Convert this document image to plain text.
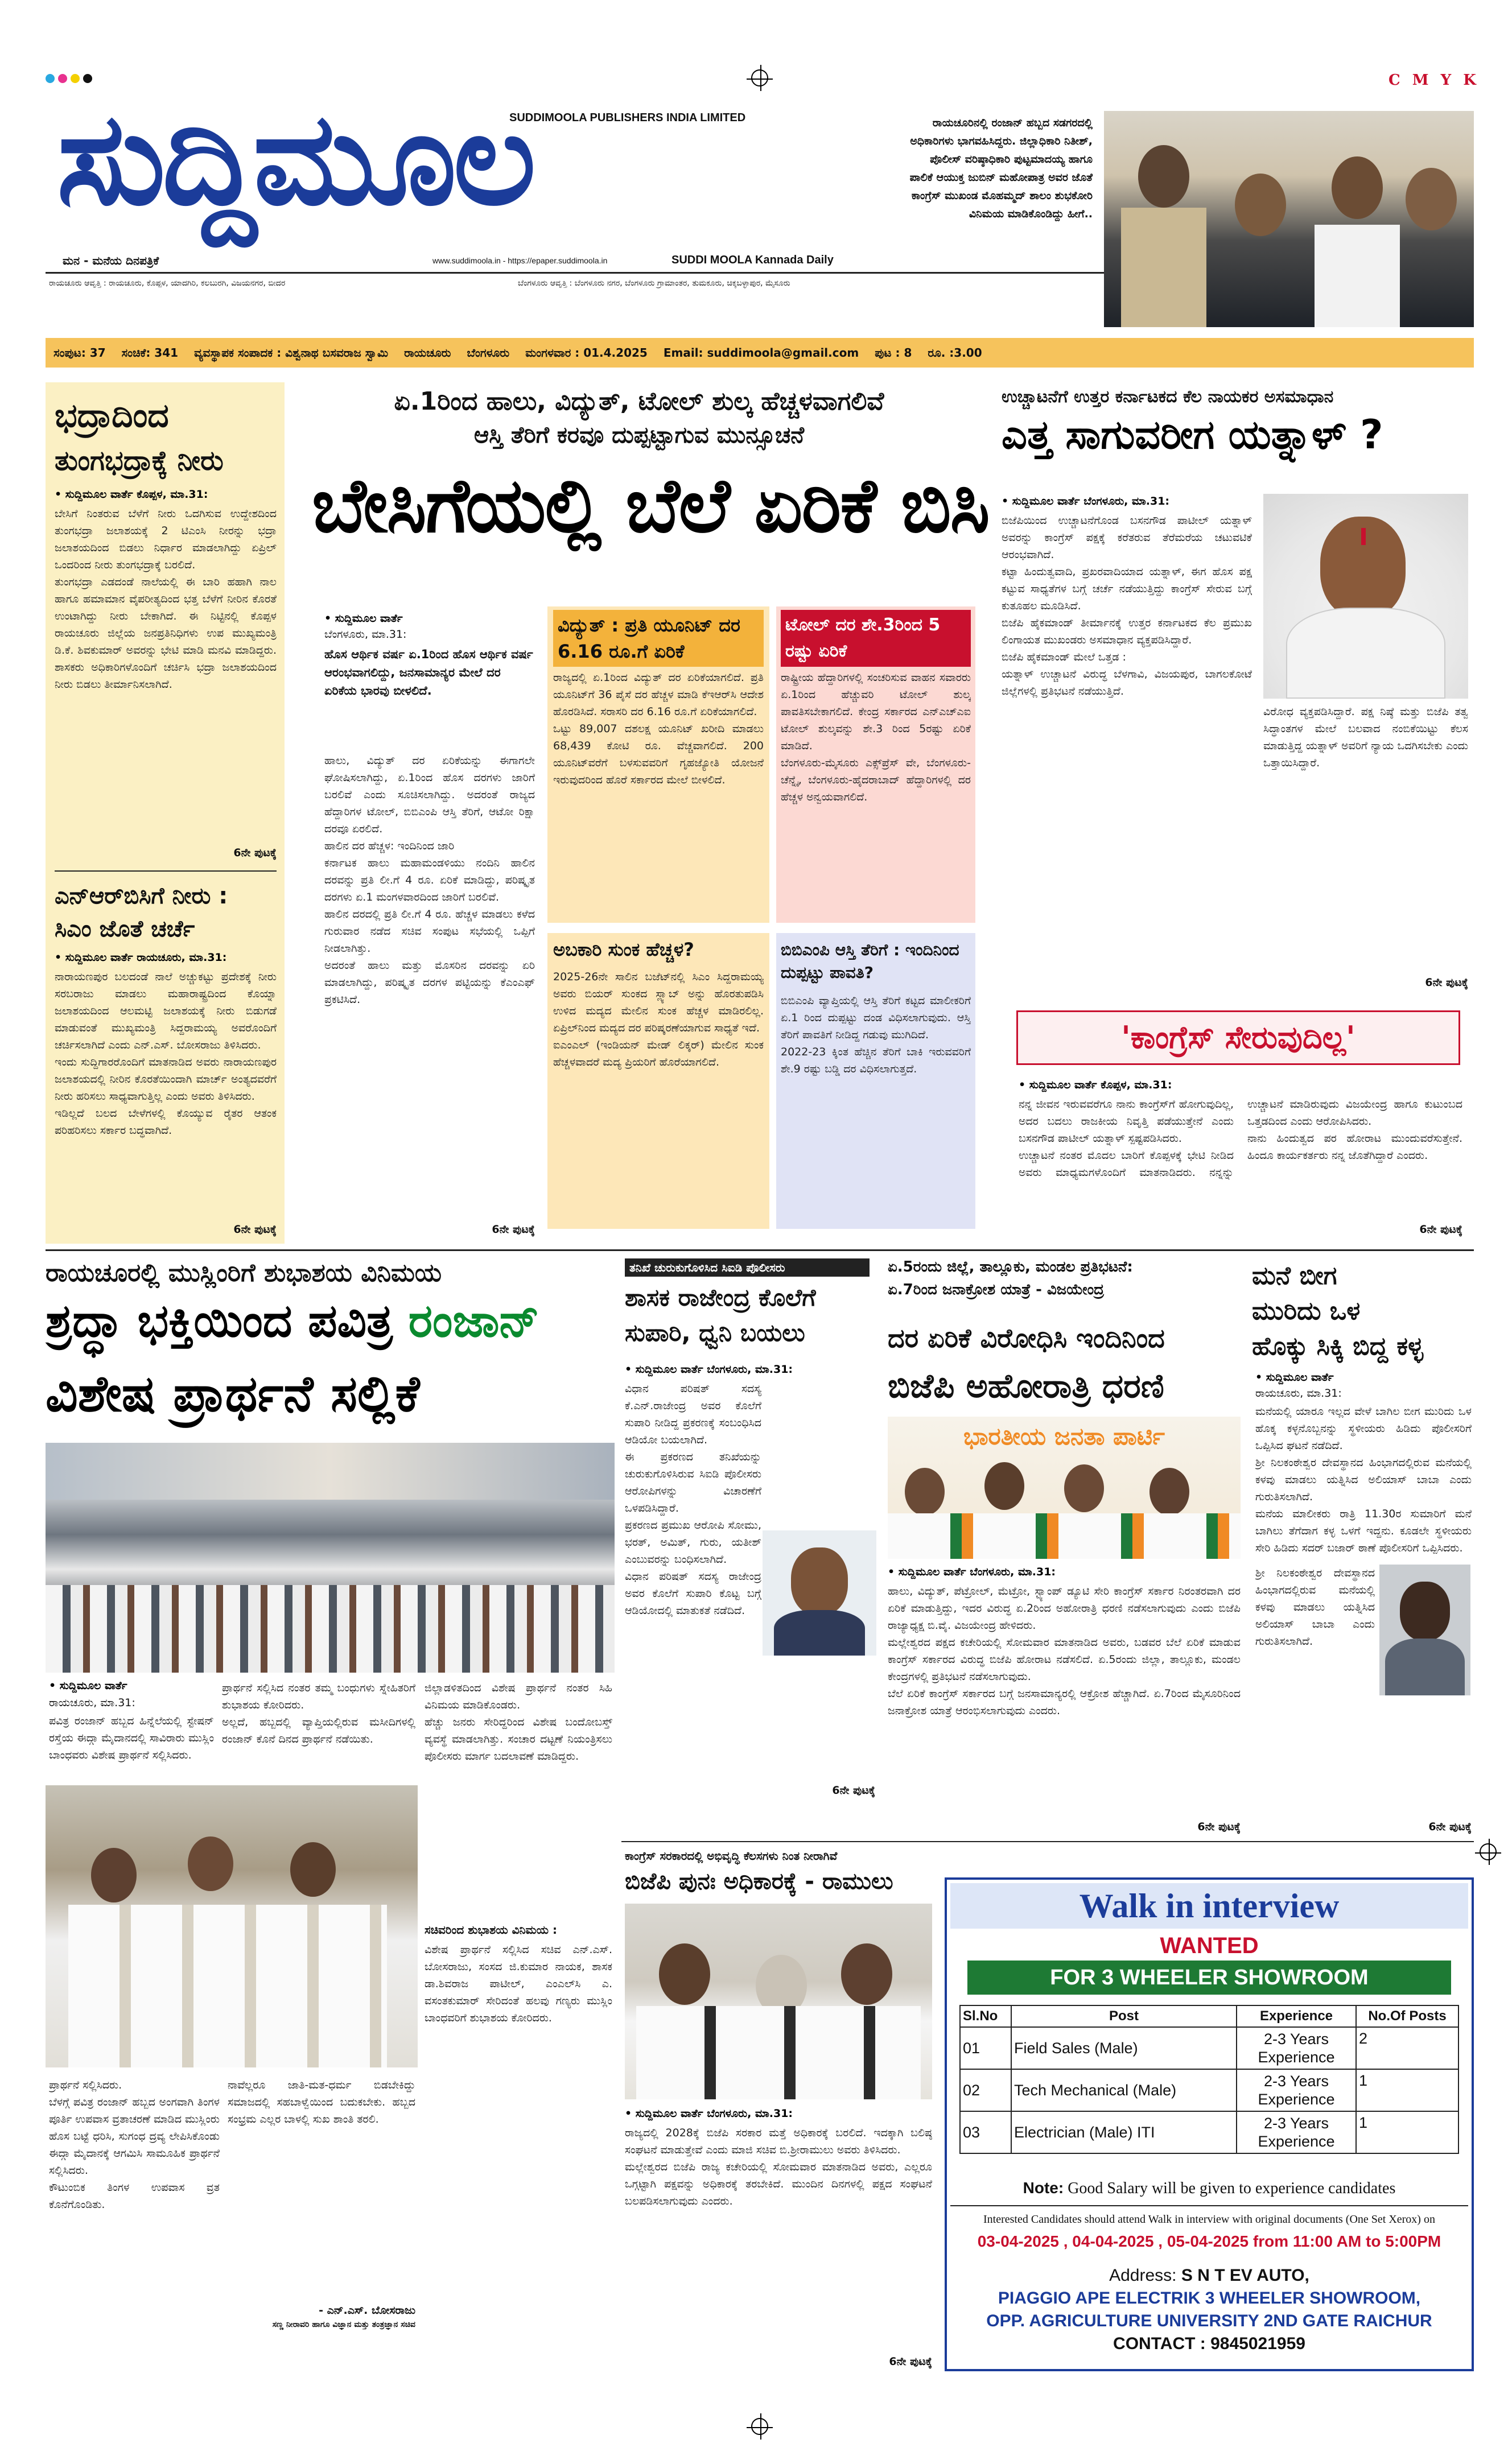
C M Y K
ಸುದ್ದಿಮೂಲ
SUDDIMOOLA PUBLISHERS INDIA LIMITED
ಮನ - ಮನೆಯ ದಿನಪತ್ರಿಕೆ	www.suddimoola.in - https://epaper.suddimoola.in	SUDDI MOOLA Kannada Daily
ರಾಯಚೂರು ಆವೃತ್ತಿ : ರಾಯಚೂರು, ಕೊಪ್ಪಳ, ಯಾದಗಿರಿ, ಕಲಬುರಗಿ, ವಿಜಯನಗರ, ಬೀದರ	ಬೆಂಗಳೂರು ಆವೃತ್ತಿ : ಬೆಂಗಳೂರು ನಗರ, ಬೆಂಗಳೂರು ಗ್ರಾಮಾಂತರ, ತುಮಕೂರು, ಚಿಕ್ಕಬಳ್ಳಾಪುರ, ಮೈಸೂರು
ರಾಯಚೂರಿನಲ್ಲಿ ರಂಜಾನ್ ಹಬ್ಬದ ಸಡಗರದಲ್ಲಿ ಅಧಿಕಾರಿಗಳು ಭಾಗವಹಿಸಿದ್ದರು. ಜಿಲ್ಲಾಧಿಕಾರಿ ನಿತೀಶ್, ಪೊಲೀಸ್ ವರಿಷ್ಠಾಧಿಕಾರಿ ಪುಟ್ಟಮಾದಯ್ಯ ಹಾಗೂ ಪಾಲಿಕೆ ಆಯುಕ್ತ ಜುಬಿನ್ ಮಹೋಪಾತ್ರ ಅವರ ಜೊತೆ ಕಾಂಗ್ರೆಸ್ ಮುಖಂಡ ಮೊಹಮ್ಮದ್ ಶಾಲಂ ಶುಭಕೋರಿ ವಿನಿಮಯ ಮಾಡಿಕೊಂಡಿದ್ದು ಹೀಗೆ..
ಸಂಪುಟ: 37 ಸಂಚಿಕೆ: 341 ವ್ಯವಸ್ಥಾಪಕ ಸಂಪಾದಕ : ವಿಶ್ವನಾಥ ಬಸವರಾಜ ಸ್ವಾಮಿ ರಾಯಚೂರು ಬೆಂಗಳೂರು ಮಂಗಳವಾರ : 01.4.2025 Email: suddimoola@gmail.com ಪುಟ : 8 ರೂ. :3.00
ಭದ್ರಾದಿಂದ
ತುಂಗಭದ್ರಾಕ್ಕೆ ನೀರು
• ಸುದ್ದಿಮೂಲ ವಾರ್ತೆ ಕೊಪ್ಪಳ, ಮಾ.31:
ಬೇಸಿಗೆ ನಿಂತರುವ ಬೆಳೆಗೆ ನೀರು ಒದಗಿಸುವ ಉದ್ದೇಶದಿಂದ ತುಂಗಭದ್ರಾ ಜಲಾಶಯಕ್ಕೆ 2 ಟಿಎಂಸಿ ನೀರನ್ನು ಭದ್ರಾ ಜಲಾಶಯದಿಂದ ಬಿಡಲು ನಿರ್ಧಾರ ಮಾಡಲಾಗಿದ್ದು ಏಪ್ರಿಲ್ ಒಂದರಿಂದ ನೀರು ತುಂಗಭದ್ರಾಕ್ಕೆ ಬರಲಿದೆ.
ತುಂಗಭದ್ರಾ ಎಡದಂಡೆ ನಾಲೆಯಲ್ಲಿ ಈ ಬಾರಿ ಹಹಾಗಿ ನಾಲ ಹಾಗೂ ಹಮಾಮಾನ ವೈಪರೀತ್ಯದಿಂದ ಭತ್ತ ಬೆಳೆಗೆ ನೀರಿನ ಕೊರತೆ ಉಂಟಾಗಿದ್ದು ನೀರು ಬೇಕಾಗಿದೆ. ಈ ನಿಟ್ಟಿನಲ್ಲಿ ಕೊಪ್ಪಳ ರಾಯಚೂರು ಜಿಲ್ಲೆಯ ಜನಪ್ರತಿನಿಧಿಗಳು ಉಪ ಮುಖ್ಯಮಂತ್ರಿ ಡಿ.ಕೆ. ಶಿವಕುಮಾರ್ ಅವರನ್ನು ಭೇಟಿ ಮಾಡಿ ಮನವಿ ಮಾಡಿದ್ದರು. ಶಾಸಕರು ಅಧಿಕಾರಿಗಳೊಂದಿಗೆ ಚರ್ಚಿಸಿ ಭದ್ರಾ ಜಲಾಶಯದಿಂದ ನೀರು ಬಿಡಲು ತೀರ್ಮಾನಿಸಲಾಗಿದೆ.
6ನೇ ಪುಟಕ್ಕೆ
ಎನ್‌ಆರ್‌ಬಿಸಿಗೆ ನೀರು :
ಸಿಎಂ ಜೊತೆ ಚರ್ಚೆ
• ಸುದ್ದಿಮೂಲ ವಾರ್ತೆ ರಾಯಚೂರು, ಮಾ.31:
ನಾರಾಯಣಪುರ ಬಲದಂಡೆ ನಾಲೆ ಅಚ್ಚುಕಟ್ಟು ಪ್ರದೇಶಕ್ಕೆ ನೀರು ಸರಬರಾಜು ಮಾಡಲು ಮಹಾರಾಷ್ಟ್ರದಿಂದ ಕೊಯ್ನಾ ಜಲಾಶಯದಿಂದ ಆಲಮಟ್ಟಿ ಜಲಾಶಯಕ್ಕೆ ನೀರು ಬಿಡುಗಡೆ ಮಾಡುವಂತೆ ಮುಖ್ಯಮಂತ್ರಿ ಸಿದ್ದರಾಮಯ್ಯ ಅವರೊಂದಿಗೆ ಚರ್ಚಿಸಲಾಗಿದೆ ಎಂದು ಎನ್.ಎಸ್. ಬೋಸರಾಜು ತಿಳಿಸಿದರು.
ಇಂದು ಸುದ್ದಿಗಾರರೊಂದಿಗೆ ಮಾತನಾಡಿದ ಅವರು ನಾರಾಯಣಪುರ ಜಲಾಶಯದಲ್ಲಿ ನೀರಿನ ಕೊರತೆಯಿಂದಾಗಿ ಮಾರ್ಚ್ ಅಂತ್ಯದವರೆಗೆ ನೀರು ಹರಿಸಲು ಸಾಧ್ಯವಾಗುತ್ತಿಲ್ಲ ಎಂದು ಅವರು ತಿಳಿಸಿದರು.
ಇಡಿಲ್ಲದೆ ಬಲದ ಬೇಳೆಗಳಲ್ಲಿ ಕೊಯ್ಯುವ ರೈತರ ಆತಂಕ ಪರಿಹರಿಸಲು ಸರ್ಕಾರ ಬದ್ಧವಾಗಿದೆ.
6ನೇ ಪುಟಕ್ಕೆ
ಏ.1ರಿಂದ ಹಾಲು, ವಿದ್ಯುತ್, ಟೋಲ್ ಶುಲ್ಕ ಹೆಚ್ಚಳವಾಗಲಿವೆ
ಆಸ್ತಿ ತೆರಿಗೆ ಕರವೂ ದುಪ್ಪಟ್ಟಾಗುವ ಮುನ್ಸೂಚನೆ
ಬೇಸಿಗೆಯಲ್ಲಿ ಬೆಲೆ ಏರಿಕೆ ಬಿಸಿ
• ಸುದ್ದಿಮೂಲ ವಾರ್ತೆ
ಬೆಂಗಳೂರು, ಮಾ.31:
ಹೊಸ ಆರ್ಥಿಕ ವರ್ಷ ಏ.1ರಿಂದ ಹೊಸ ಆರ್ಥಿಕ ವರ್ಷ ಆರಂಭವಾಗಲಿದ್ದು, ಜನಸಾಮಾನ್ಯರ ಮೇಲೆ ದರ ಏರಿಕೆಯ ಭಾರವು ಬೀಳಲಿದೆ.
ಹಾಲು, ವಿದ್ಯುತ್ ದರ ಏರಿಕೆಯನ್ನು ಈಗಾಗಲೇ ಘೋಷಿಸಲಾಗಿದ್ದು, ಏ.1ರಿಂದ ಹೊಸ ದರಗಳು ಜಾರಿಗೆ ಬರಲಿವೆ ಎಂದು ಸೂಚಿಸಲಾಗಿದ್ದು. ಅದರಂತೆ ರಾಜ್ಯದ ಹೆದ್ದಾರಿಗಳ ಟೋಲ್, ಬಿಬಿಎಂಪಿ ಆಸ್ತಿ ತೆರಿಗೆ, ಆಟೋ ರಿಕ್ಷಾ ದರವೂ ಏರಲಿದೆ.
ಹಾಲಿನ ದರ ಹೆಚ್ಚಳ: ಇಂದಿನಿಂದ ಜಾರಿ
ಕರ್ನಾಟಕ ಹಾಲು ಮಹಾಮಂಡಳಿಯು ನಂದಿನಿ ಹಾಲಿನ ದರವನ್ನು ಪ್ರತಿ ಲೀ.ಗೆ 4 ರೂ. ಏರಿಕೆ ಮಾಡಿದ್ದು, ಪರಿಷ್ಕೃತ ದರಗಳು ಏ.1 ಮಂಗಳವಾರದಿಂದ ಜಾರಿಗೆ ಬರಲಿವೆ.
ಹಾಲಿನ ದರದಲ್ಲಿ ಪ್ರತಿ ಲೀ.ಗೆ 4 ರೂ. ಹೆಚ್ಚಳ ಮಾಡಲು ಕಳೆದ ಗುರುವಾರ ನಡೆದ ಸಚಿವ ಸಂಪುಟ ಸಭೆಯಲ್ಲಿ ಒಪ್ಪಿಗೆ ನೀಡಲಾಗಿತ್ತು.
ಅದರಂತೆ ಹಾಲು ಮತ್ತು ಮೊಸರಿನ ದರವನ್ನು ಏರಿ ಮಾಡಲಾಗಿದ್ದು, ಪರಿಷ್ಕೃತ ದರಗಳ ಪಟ್ಟಿಯನ್ನು ಕೆಎಂಎಫ್ ಪ್ರಕಟಿಸಿದೆ.
6ನೇ ಪುಟಕ್ಕೆ
ವಿದ್ಯುತ್ : ಪ್ರತಿ ಯೂನಿಟ್ ದರ 6.16 ರೂ.ಗೆ ಏರಿಕೆ
ರಾಜ್ಯದಲ್ಲಿ ಏ.1ರಿಂದ ವಿದ್ಯುತ್ ದರ ಏರಿಕೆಯಾಗಲಿದೆ. ಪ್ರತಿ ಯೂನಿಟ್‌ಗೆ 36 ಪೈಸೆ ದರ ಹೆಚ್ಚಳ ಮಾಡಿ ಕೆಇಆರ್‌ಸಿ ಆದೇಶ ಹೊರಡಿಸಿದೆ. ಸರಾಸರಿ ದರ 6.16 ರೂ.ಗೆ ಏರಿಕೆಯಾಗಲಿದೆ.
ಒಟ್ಟು 89,007 ದಶಲಕ್ಷ ಯೂನಿಟ್ ಖರೀದಿ ಮಾಡಲು 68,439 ಕೋಟಿ ರೂ. ವೆಚ್ಚವಾಗಲಿದೆ. 200 ಯೂನಿಟ್‌ವರೆಗೆ ಬಳಸುವವರಿಗೆ ಗೃಹಜ್ಯೋತಿ ಯೋಜನೆ ಇರುವುದರಿಂದ ಹೊರೆ ಸರ್ಕಾರದ ಮೇಲೆ ಬೀಳಲಿದೆ.
ಟೋಲ್ ದರ ಶೇ.3ರಿಂದ 5 ರಷ್ಟು ಏರಿಕೆ
ರಾಷ್ಟ್ರೀಯ ಹೆದ್ದಾರಿಗಳಲ್ಲಿ ಸಂಚರಿಸುವ ವಾಹನ ಸವಾರರು ಏ.1ರಿಂದ ಹೆಚ್ಚುವರಿ ಟೋಲ್ ಶುಲ್ಕ ಪಾವತಿಸಬೇಕಾಗಲಿದೆ. ಕೇಂದ್ರ ಸರ್ಕಾರದ ಎನ್‌ಎಚ್‌ಎಐ ಟೋಲ್ ಶುಲ್ಕವನ್ನು ಶೇ.3 ರಿಂದ 5ರಷ್ಟು ಏರಿಕೆ ಮಾಡಿದೆ.
ಬೆಂಗಳೂರು-ಮೈಸೂರು ಎಕ್ಸ್‌ಪ್ರೆಸ್ ವೇ, ಬೆಂಗಳೂರು-ಚೆನ್ನೈ, ಬೆಂಗಳೂರು-ಹೈದರಾಬಾದ್ ಹೆದ್ದಾರಿಗಳಲ್ಲಿ ದರ ಹೆಚ್ಚಳ ಅನ್ವಯವಾಗಲಿದೆ.
ಅಬಕಾರಿ ಸುಂಕ ಹೆಚ್ಚಳ?
2025-26ನೇ ಸಾಲಿನ ಬಜೆಟ್‌ನಲ್ಲಿ ಸಿಎಂ ಸಿದ್ದರಾಮಯ್ಯ ಅವರು ಬಿಯರ್ ಸುಂಕದ ಸ್ಲ್ಯಾಬ್ ಅನ್ನು ಹೊರತುಪಡಿಸಿ ಉಳಿದ ಮದ್ಯದ ಮೇಲಿನ ಸುಂಕ ಹೆಚ್ಚಳ ಮಾಡಿರಲಿಲ್ಲ. ಏಪ್ರಿಲ್‌ನಿಂದ ಮದ್ಯದ ದರ ಪರಿಷ್ಕರಣೆಯಾಗುವ ಸಾಧ್ಯತೆ ಇದೆ.
ಐಎಂಎಲ್ (ಇಂಡಿಯನ್ ಮೇಡ್ ಲಿಕ್ಕರ್) ಮೇಲಿನ ಸುಂಕ ಹೆಚ್ಚಳವಾದರೆ ಮದ್ಯ ಪ್ರಿಯರಿಗೆ ಹೊರೆಯಾಗಲಿದೆ.
ಬಿಬಿಎಂಪಿ ಆಸ್ತಿ ತೆರಿಗೆ : ಇಂದಿನಿಂದ ದುಪ್ಪಟ್ಟು ಪಾವತಿ?
ಬಿಬಿಎಂಪಿ ವ್ಯಾಪ್ತಿಯಲ್ಲಿ ಆಸ್ತಿ ತೆರಿಗೆ ಕಟ್ಟದ ಮಾಲೀಕರಿಗೆ ಏ.1 ರಿಂದ ದುಪ್ಪಟ್ಟು ದಂಡ ವಿಧಿಸಲಾಗುವುದು. ಆಸ್ತಿ ತೆರಿಗೆ ಪಾವತಿಗೆ ನೀಡಿದ್ದ ಗಡುವು ಮುಗಿದಿದೆ.
2022-23 ಕ್ಕಿಂತ ಹೆಚ್ಚಿನ ತೆರಿಗೆ ಬಾಕಿ ಇರುವವರಿಗೆ ಶೇ.9 ರಷ್ಟು ಬಡ್ಡಿ ದರ ವಿಧಿಸಲಾಗುತ್ತದೆ.
ಉಚ್ಚಾಟನೆಗೆ ಉತ್ತರ ಕರ್ನಾಟಕದ ಕೆಲ ನಾಯಕರ ಅಸಮಾಧಾನ
ಎತ್ತ ಸಾಗುವರೀಗ ಯತ್ನಾಳ್ ?
• ಸುದ್ದಿಮೂಲ ವಾರ್ತೆ ಬೆಂಗಳೂರು, ಮಾ.31:
ಬಿಜೆಪಿಯಿಂದ ಉಚ್ಚಾಟನೆಗೊಂಡ ಬಸನಗೌಡ ಪಾಟೀಲ್ ಯತ್ನಾಳ್ ಅವರನ್ನು ಕಾಂಗ್ರೆಸ್ ಪಕ್ಷಕ್ಕೆ ಕರೆತರುವ ತೆರೆಮರೆಯ ಚಟುವಟಿಕೆ ಆರಂಭವಾಗಿದೆ.
ಕಟ್ಟಾ ಹಿಂದುತ್ವವಾದಿ, ಪ್ರಖರವಾದಿಯಾದ ಯತ್ನಾಳ್, ಈಗ ಹೊಸ ಪಕ್ಷ ಕಟ್ಟುವ ಸಾಧ್ಯತೆಗಳ ಬಗ್ಗೆ ಚರ್ಚೆ ನಡೆಯುತ್ತಿದ್ದು ಕಾಂಗ್ರೆಸ್ ಸೇರುವ ಬಗ್ಗೆ ಕುತೂಹಲ ಮೂಡಿಸಿದೆ.
ಬಿಜೆಪಿ ಹೈಕಮಾಂಡ್ ತೀರ್ಮಾನಕ್ಕೆ ಉತ್ತರ ಕರ್ನಾಟಕದ ಕೆಲ ಪ್ರಮುಖ ಲಿಂಗಾಯತ ಮುಖಂಡರು ಅಸಮಾಧಾನ ವ್ಯಕ್ತಪಡಿಸಿದ್ದಾರೆ.
ಬಿಜೆಪಿ ಹೈಕಮಾಂಡ್ ಮೇಲೆ ಒತ್ತಡ :
ಯತ್ನಾಳ್ ಉಚ್ಚಾಟನೆ ವಿರುದ್ಧ ಬೆಳಗಾವಿ, ವಿಜಯಪುರ, ಬಾಗಲಕೋಟೆ ಜಿಲ್ಲೆಗಳಲ್ಲಿ ಪ್ರತಿಭಟನೆ ನಡೆಯುತ್ತಿದೆ.
ವಿರೋಧ ವ್ಯಕ್ತಪಡಿಸಿದ್ದಾರೆ. ಪಕ್ಷ ನಿಷ್ಠೆ ಮತ್ತು ಬಿಜೆಪಿ ತತ್ವ ಸಿದ್ಧಾಂತಗಳ ಮೇಲೆ ಬಲವಾದ ನಂಬಿಕೆಯಿಟ್ಟು ಕೆಲಸ ಮಾಡುತ್ತಿದ್ದ ಯತ್ನಾಳ್ ಅವರಿಗೆ ನ್ಯಾಯ ಒದಗಿಸಬೇಕು ಎಂದು ಒತ್ತಾಯಿಸಿದ್ದಾರೆ.
6ನೇ ಪುಟಕ್ಕೆ
'ಕಾಂಗ್ರೆಸ್ ಸೇರುವುದಿಲ್ಲ'
• ಸುದ್ದಿಮೂಲ ವಾರ್ತೆ ಕೊಪ್ಪಳ, ಮಾ.31:
ನನ್ನ ಜೀವನ ಇರುವವರೆಗೂ ನಾನು ಕಾಂಗ್ರೆಸ್‌ಗೆ ಹೋಗುವುದಿಲ್ಲ, ಅದರ ಬದಲು ರಾಜಕೀಯ ನಿವೃತ್ತಿ ಪಡೆಯುತ್ತೇನೆ ಎಂದು ಬಸನಗೌಡ ಪಾಟೀಲ್ ಯತ್ನಾಳ್ ಸ್ಪಷ್ಟಪಡಿಸಿದರು.
ಉಚ್ಚಾಟನೆ ನಂತರ ಮೊದಲ ಬಾರಿಗೆ ಕೊಪ್ಪಳಕ್ಕೆ ಭೇಟಿ ನೀಡಿದ ಅವರು ಮಾಧ್ಯಮಗಳೊಂದಿಗೆ ಮಾತನಾಡಿದರು. ನನ್ನನ್ನು ಉಚ್ಚಾಟನೆ ಮಾಡಿರುವುದು ವಿಜಯೇಂದ್ರ ಹಾಗೂ ಕುಟುಂಬದ ಒತ್ತಡದಿಂದ ಎಂದು ಆರೋಪಿಸಿದರು.
ನಾನು ಹಿಂದುತ್ವದ ಪರ ಹೋರಾಟ ಮುಂದುವರೆಸುತ್ತೇನೆ. ಹಿಂದೂ ಕಾರ್ಯಕರ್ತರು ನನ್ನ ಜೊತೆಗಿದ್ದಾರೆ ಎಂದರು.
6ನೇ ಪುಟಕ್ಕೆ
ರಾಯಚೂರಲ್ಲಿ ಮುಸ್ಲಿಂರಿಗೆ ಶುಭಾಶಯ ವಿನಿಮಯ
ಶ್ರದ್ಧಾ ಭಕ್ತಿಯಿಂದ ಪವಿತ್ರ ರಂಜಾನ್
ವಿಶೇಷ ಪ್ರಾರ್ಥನೆ ಸಲ್ಲಿಕೆ
• ಸುದ್ದಿಮೂಲ ವಾರ್ತೆ
ರಾಯಚೂರು, ಮಾ.31:
ಪವಿತ್ರ ರಂಜಾನ್ ಹಬ್ಬದ ಹಿನ್ನೆಲೆಯಲ್ಲಿ ಸ್ಟೇಷನ್ ರಸ್ತೆಯ ಈದ್ಗಾ ಮೈದಾನದಲ್ಲಿ ಸಾವಿರಾರು ಮುಸ್ಲಿಂ ಬಾಂಧವರು ವಿಶೇಷ ಪ್ರಾರ್ಥನೆ ಸಲ್ಲಿಸಿದರು.
ಪ್ರಾರ್ಥನೆ ಸಲ್ಲಿಸಿದ ನಂತರ ತಮ್ಮ ಬಂಧುಗಳು ಸ್ನೇಹಿತರಿಗೆ ಶುಭಾಶಯ ಕೋರಿದರು.
ಅಲ್ಲದೆ, ಹಬ್ಬದಲ್ಲಿ ವ್ಯಾಪ್ತಿಯಲ್ಲಿರುವ ಮಸೀದಿಗಳಲ್ಲಿ ರಂಜಾನ್ ಕೊನೆ ದಿನದ ಪ್ರಾರ್ಥನೆ ನಡೆಯಿತು.
ಜಿಲ್ಲಾಡಳಿತದಿಂದ ವಿಶೇಷ ಪ್ರಾರ್ಥನೆ ನಂತರ ಸಿಹಿ ವಿನಿಮಯ ಮಾಡಿಕೊಂಡರು.
ಹೆಚ್ಚು ಜನರು ಸೇರಿದ್ದರಿಂದ ವಿಶೇಷ ಬಂದೋಬಸ್ತ್ ವ್ಯವಸ್ಥೆ ಮಾಡಲಾಗಿತ್ತು. ಸಂಚಾರ ದಟ್ಟಣೆ ನಿಯಂತ್ರಿಸಲು ಪೊಲೀಸರು ಮಾರ್ಗ ಬದಲಾವಣೆ ಮಾಡಿದ್ದರು.
ಸಚಿವರಿಂದ ಶುಭಾಶಯ ವಿನಿಮಯ :
ವಿಶೇಷ ಪ್ರಾರ್ಥನೆ ಸಲ್ಲಿಸಿದ ಸಚಿವ ಎನ್.ಎಸ್. ಬೋಸರಾಜು, ಸಂಸದ ಜಿ.ಕುಮಾರ ನಾಯಕ, ಶಾಸಕ ಡಾ.ಶಿವರಾಜ ಪಾಟೀಲ್, ಎಂಎಲ್‌ಸಿ ಎ. ವಸಂತಕುಮಾರ್ ಸೇರಿದಂತೆ ಹಲವು ಗಣ್ಯರು ಮುಸ್ಲಿಂ ಬಾಂಧವರಿಗೆ ಶುಭಾಶಯ ಕೋರಿದರು.
ಪ್ರಾರ್ಥನೆ ಸಲ್ಲಿಸಿದರು.
ಬೆಳಗ್ಗೆ ಪವಿತ್ರ ರಂಜಾನ್ ಹಬ್ಬದ ಅಂಗವಾಗಿ ತಿಂಗಳ ಪೂರ್ತಿ ಉಪವಾಸ ವ್ರತಾಚರಣೆ ಮಾಡಿದ ಮುಸ್ಲಿಂರು ಹೊಸ ಬಟ್ಟೆ ಧರಿಸಿ, ಸುಗಂಧ ದ್ರವ್ಯ ಲೇಪಿಸಿಕೊಂಡು ಈದ್ಗಾ ಮೈದಾನಕ್ಕೆ ಆಗಮಿಸಿ ಸಾಮೂಹಿಕ ಪ್ರಾರ್ಥನೆ ಸಲ್ಲಿಸಿದರು.
ಕೌಟುಂಬಿಕ ತಿಂಗಳ ಉಪವಾಸ ವ್ರತ ಕೊನೆಗೊಂಡಿತು.
ನಾವೆಲ್ಲರೂ ಜಾತಿ-ಮತ-ಧರ್ಮ ಬಿಡಬೇಕಿದ್ದು ಸಮಾಜದಲ್ಲಿ ಸಹಬಾಳ್ವೆಯಿಂದ ಬದುಕಬೇಕು. ಹಬ್ಬದ ಸಂಭ್ರಮ ಎಲ್ಲರ ಬಾಳಲ್ಲಿ ಸುಖ ಶಾಂತಿ ತರಲಿ.
- ಎನ್.ಎಸ್. ಬೋಸರಾಜು
ಸಣ್ಣ ನೀರಾವರಿ ಹಾಗೂ ವಿಜ್ಞಾನ ಮತ್ತು ತಂತ್ರಜ್ಞಾನ ಸಚಿವ
ತನಿಖೆ ಚುರುಕುಗೊಳಿಸಿದ ಸಿಐಡಿ ಪೊಲೀಸರು
ಶಾಸಕ ರಾಜೇಂದ್ರ ಕೊಲೆಗೆ
ಸುಪಾರಿ, ಧ್ವನಿ ಬಯಲು
• ಸುದ್ದಿಮೂಲ ವಾರ್ತೆ ಬೆಂಗಳೂರು, ಮಾ.31:
ವಿಧಾನ ಪರಿಷತ್ ಸದಸ್ಯ ಕೆ.ಎನ್.ರಾಜೇಂದ್ರ ಅವರ ಕೊಲೆಗೆ ಸುಪಾರಿ ನೀಡಿದ್ದ ಪ್ರಕರಣಕ್ಕೆ ಸಂಬಂಧಿಸಿದ ಆಡಿಯೋ ಬಯಲಾಗಿದೆ.
ಈ ಪ್ರಕರಣದ ತನಿಖೆಯನ್ನು ಚುರುಕುಗೊಳಿಸಿರುವ ಸಿಐಡಿ ಪೊಲೀಸರು ಆರೋಪಿಗಳನ್ನು ವಿಚಾರಣೆಗೆ ಒಳಪಡಿಸಿದ್ದಾರೆ.
ಪ್ರಕರಣದ ಪ್ರಮುಖ ಆರೋಪಿ ಸೋಮು, ಭರತ್, ಅಮಿತ್, ಗುರು, ಯತೀಶ್ ಎಂಬುವರನ್ನು ಬಂಧಿಸಲಾಗಿದೆ.
ವಿಧಾನ ಪರಿಷತ್ ಸದಸ್ಯ ರಾಜೇಂದ್ರ ಅವರ ಕೊಲೆಗೆ ಸುಪಾರಿ ಕೊಟ್ಟ ಬಗ್ಗೆ ಆಡಿಯೋದಲ್ಲಿ ಮಾತುಕತೆ ನಡೆದಿದೆ.
6ನೇ ಪುಟಕ್ಕೆ
ಏ.5ರಂದು ಜಿಲ್ಲೆ, ತಾಲ್ಲೂಕು, ಮಂಡಲ ಪ್ರತಿಭಟನೆ:
ಏ.7ರಿಂದ ಜನಾಕ್ರೋಶ ಯಾತ್ರೆ - ವಿಜಯೇಂದ್ರ
ದರ ಏರಿಕೆ ವಿರೋಧಿಸಿ ಇಂದಿನಿಂದ
ಬಿಜೆಪಿ ಅಹೋರಾತ್ರಿ ಧರಣಿ
ಭಾರತೀಯ ಜನತಾ ಪಾರ್ಟಿ
• ಸುದ್ದಿಮೂಲ ವಾರ್ತೆ ಬೆಂಗಳೂರು, ಮಾ.31:
ಹಾಲು, ವಿದ್ಯುತ್, ಪೆಟ್ರೋಲ್, ಮೆಟ್ರೋ, ಸ್ಟ್ಯಾಂಪ್ ಡ್ಯೂಟಿ ಸೇರಿ ಕಾಂಗ್ರೆಸ್ ಸರ್ಕಾರ ನಿರಂತರವಾಗಿ ದರ ಏರಿಕೆ ಮಾಡುತ್ತಿದ್ದು, ಇದರ ವಿರುದ್ಧ ಏ.2ರಿಂದ ಅಹೋರಾತ್ರಿ ಧರಣಿ ನಡೆಸಲಾಗುವುದು ಎಂದು ಬಿಜೆಪಿ ರಾಜ್ಯಾಧ್ಯಕ್ಷ ಬಿ.ವೈ. ವಿಜಯೇಂದ್ರ ಹೇಳಿದರು.
ಮಲ್ಲೇಶ್ವರದ ಪಕ್ಷದ ಕಚೇರಿಯಲ್ಲಿ ಸೋಮವಾರ ಮಾತನಾಡಿದ ಅವರು, ಬಡವರ ಬೆಲೆ ಏರಿಕೆ ಮಾಡುವ ಕಾಂಗ್ರೆಸ್ ಸರ್ಕಾರದ ವಿರುದ್ಧ ಬಿಜೆಪಿ ಹೋರಾಟ ನಡೆಸಲಿದೆ. ಏ.5ರಂದು ಜಿಲ್ಲಾ, ತಾಲ್ಲೂಕು, ಮಂಡಲ ಕೇಂದ್ರಗಳಲ್ಲಿ ಪ್ರತಿಭಟನೆ ನಡೆಸಲಾಗುವುದು.
ಬೆಲೆ ಏರಿಕೆ ಕಾಂಗ್ರೆಸ್ ಸರ್ಕಾರದ ಬಗ್ಗೆ ಜನಸಾಮಾನ್ಯರಲ್ಲಿ ಆಕ್ರೋಶ ಹೆಚ್ಚಾಗಿದೆ. ಏ.7ರಿಂದ ಮೈಸೂರಿನಿಂದ ಜನಾಕ್ರೋಶ ಯಾತ್ರೆ ಆರಂಭಿಸಲಾಗುವುದು ಎಂದರು.
6ನೇ ಪುಟಕ್ಕೆ
ಮನೆ ಬೀಗ
ಮುರಿದು ಒಳ
ಹೊಕ್ಕು ಸಿಕ್ಕಿ ಬಿದ್ದ ಕಳ್ಳ
• ಸುದ್ದಿಮೂಲ ವಾರ್ತೆ
ರಾಯಚೂರು, ಮಾ.31:
ಮನೆಯಲ್ಲಿ ಯಾರೂ ಇಲ್ಲದ ವೇಳೆ ಬಾಗಿಲ ಬೀಗ ಮುರಿದು ಒಳ ಹೊಕ್ಕ ಕಳ್ಳನೊಬ್ಬನನ್ನು ಸ್ಥಳೀಯರು ಹಿಡಿದು ಪೊಲೀಸರಿಗೆ ಒಪ್ಪಿಸಿದ ಘಟನೆ ನಡೆದಿದೆ.
ಶ್ರೀ ನಿಲಕಂಠೇಶ್ವರ ದೇವಸ್ಥಾನದ ಹಿಂಭಾಗದಲ್ಲಿರುವ ಮನೆಯಲ್ಲಿ ಕಳವು ಮಾಡಲು ಯತ್ನಿಸಿದ ಅಲಿಯಾಸ್ ಬಾಬಾ ಎಂದು ಗುರುತಿಸಲಾಗಿದೆ.
ಮನೆಯ ಮಾಲೀಕರು ರಾತ್ರಿ 11.30ರ ಸುಮಾರಿಗೆ ಮನೆ ಬಾಗಿಲು ತೆಗೆದಾಗ ಕಳ್ಳ ಒಳಗೆ ಇದ್ದನು. ಕೂಡಲೇ ಸ್ಥಳೀಯರು ಸೇರಿ ಹಿಡಿದು ಸದರ್ ಬಜಾರ್ ಠಾಣೆ ಪೊಲೀಸರಿಗೆ ಒಪ್ಪಿಸಿದರು.
ಶ್ರೀ ನಿಲಕಂಠೇಶ್ವರ ದೇವಸ್ಥಾನದ ಹಿಂಭಾಗದಲ್ಲಿರುವ ಮನೆಯಲ್ಲಿ ಕಳವು ಮಾಡಲು ಯತ್ನಿಸಿದ ಅಲಿಯಾಸ್ ಬಾಬಾ ಎಂದು ಗುರುತಿಸಲಾಗಿದೆ.
6ನೇ ಪುಟಕ್ಕೆ
ಕಾಂಗ್ರೆಸ್ ಸರಕಾರದಲ್ಲಿ ಅಭಿವೃದ್ಧಿ ಕೆಲಸಗಳು ನಿಂತ ನೀರಾಗಿವೆ
ಬಿಜೆಪಿ ಪುನಃ ಅಧಿಕಾರಕ್ಕೆ - ರಾಮುಲು
• ಸುದ್ದಿಮೂಲ ವಾರ್ತೆ ಬೆಂಗಳೂರು, ಮಾ.31:
ರಾಜ್ಯದಲ್ಲಿ 2028ಕ್ಕೆ ಬಿಜೆಪಿ ಸರಕಾರ ಮತ್ತೆ ಅಧಿಕಾರಕ್ಕೆ ಬರಲಿದೆ. ಇದಕ್ಕಾಗಿ ಬಲಿಷ್ಠ ಸಂಘಟನೆ ಮಾಡುತ್ತೇವೆ ಎಂದು ಮಾಜಿ ಸಚಿವ ಬಿ.ಶ್ರೀರಾಮುಲು ಅವರು ತಿಳಿಸಿದರು.
ಮಲ್ಲೇಶ್ವರದ ಬಿಜೆಪಿ ರಾಜ್ಯ ಕಚೇರಿಯಲ್ಲಿ ಸೋಮವಾರ ಮಾತನಾಡಿದ ಅವರು, ಎಲ್ಲರೂ ಒಗ್ಗಟ್ಟಾಗಿ ಪಕ್ಷವನ್ನು ಅಧಿಕಾರಕ್ಕೆ ತರಬೇಕಿದೆ. ಮುಂದಿನ ದಿನಗಳಲ್ಲಿ ಪಕ್ಷದ ಸಂಘಟನೆ ಬಲಪಡಿಸಲಾಗುವುದು ಎಂದರು.
6ನೇ ಪುಟಕ್ಕೆ
Walk in interview
WANTED
FOR 3 WHEELER SHOWROOM
Sl.No	Post	Experience	No.Of Posts
01	Field Sales (Male)	2-3 Years Experience	2
02	Tech Mechanical (Male)	2-3 Years Experience	1
03	Electrician (Male) ITI	2-3 Years Experience	1
Note: Good Salary will be given to experience candidates
Interested Candidates should attend Walk in interview with original documents (One Set Xerox) on
03-04-2025 , 04-04-2025 , 05-04-2025 from 11:00 AM to 5:00PM
Address: S N T EV AUTO,
PIAGGIO APE ELECTRIK 3 WHEELER SHOWROOM,
OPP. AGRICULTURE UNIVERSITY 2ND GATE RAICHUR
CONTACT : 9845021959
